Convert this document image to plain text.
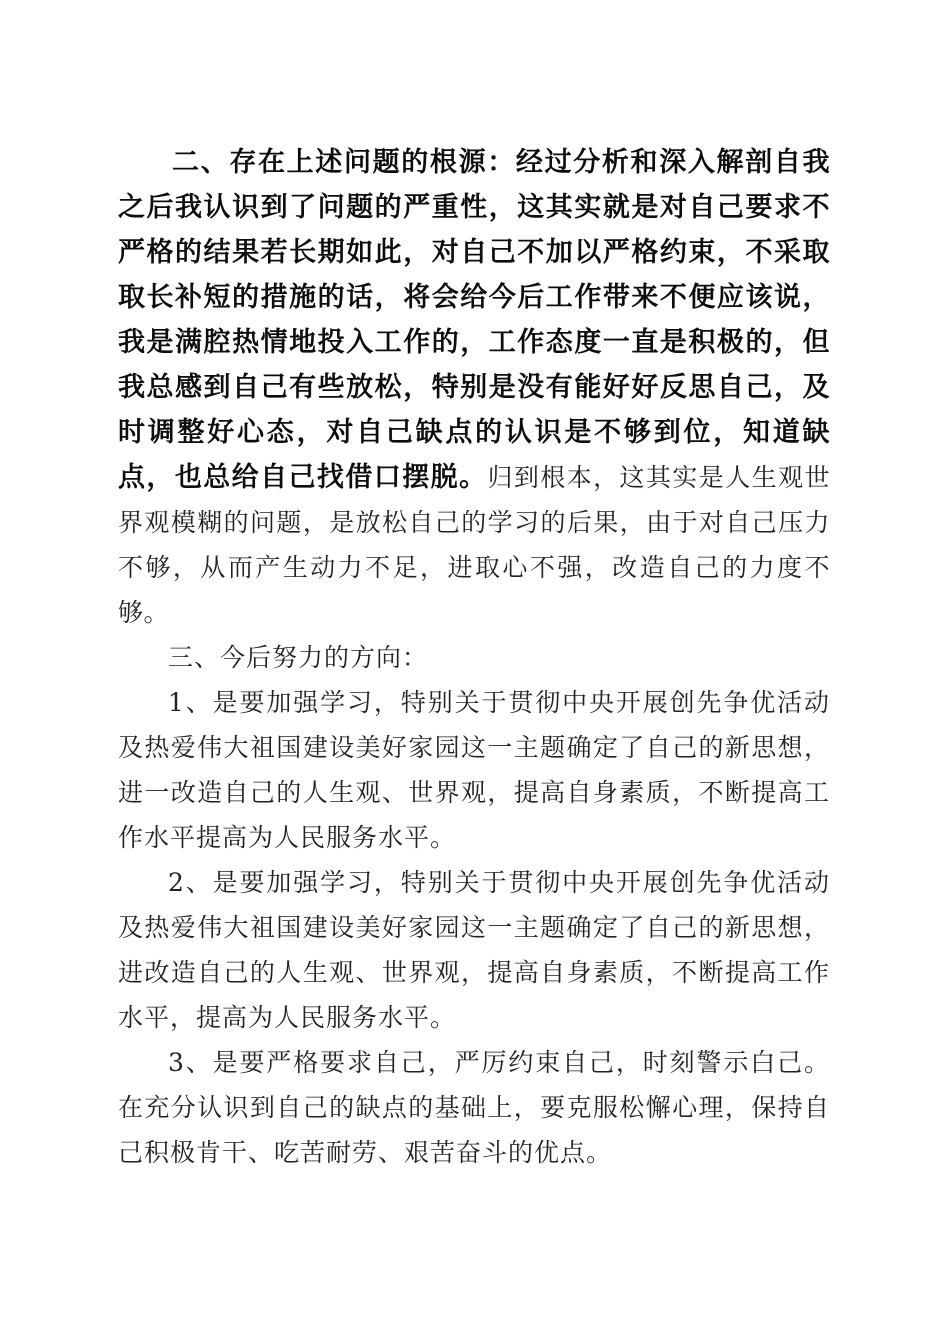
二、存在上述问题的根源：经过分析和深入解剖自我之后我认识到了问题的严重性，这其实就是对自己要求不严格的结果若长期如此，对自己不加以严格约束，不采取取长补短的措施的话，将会给今后工作带来不便应该说，我是满腔热情地投入工作的，工作态度一直是积极的，但我总感到自己有些放松，特别是没有能好好反思自己，及时调整好心态，对自己缺点的认识是不够到位，知道缺点，也总给自己找借口摆脱。归到根本，这其实是人生观世界观模糊的问题，是放松自己的学习的后果，由于对自己压力不够，从而产生动力不足，进取心不强，改造自己的力度不够。

三、今后努力的方向：

1、是要加强学习，特别关于贯彻中央开展创先争优活动及热爱伟大祖国建设美好家园这一主题确定了自己的新思想，进一改造自己的人生观、世界观，提高自身素质，不断提高工作水平提高为人民服务水平。

2、是要加强学习，特别关于贯彻中央开展创先争优活动及热爱伟大祖国建设美好家园这一主题确定了自己的新思想，进改造自己的人生观、世界观，提高自身素质，不断提高工作水平，提高为人民服务水平。

3、是要严格要求自己，严厉约束自己，时刻警示白己。在充分认识到自己的缺点的基础上，要克服松懈心理，保持自己积极肯干、吃苦耐劳、艰苦奋斗的优点。
